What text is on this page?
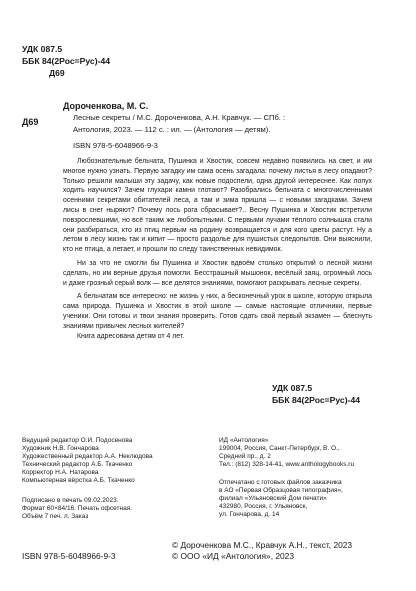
УДК 087.5
ББК 84(2Рос=Рус)-44
Д69
Дороченкова, М. С.
Д69	Лесные секреты / М.С. Дороченкова, А.Н. Кравчук. — СПб. :
Антология, 2023. — 112 с. : ил. — (Антология — детям).
ISBN 978-5-6048966-9-3

Любознательные бельчата, Пушинка и Хвостик, совсем недавно появились на свет, и им многое нужно узнать. Первую загадку им сама осень загадала: почему листья в лесу опадают? Только решили малыши эту задачу, как новые подоспели, одна другой интереснее. Как лопух ходить научился? Зачем глухари камни глотают? Разобрались бельчата с многочисленными осенними секретами обитателей леса, а там и зима пришла — с новыми загадками. Зачем лисы в снег ныряют? Почему лось рога сбрасывает?.. Весну Пушинка и Хвостик встретили повзрослевшими, но всё таким же любопытными. С первыми лучами тёплого солнышка стали они разбираться, кто из птиц первым на родину возвращается и для кого цветы растут. Ну а летом в лесу жизнь так и кипит — просто раздолье для пушистых следопытов. Они выяснили, кто не птица, а летает, и прошли по следу таинственных невидимок.

Ни за что не смогли бы Пушинка и Хвостик вдвоём столько открытий о лесной жизни сделать, но им верные друзья помогли. Бесстрашный мышонок, весёлый заяц, огромный лось и даже грозный серый волк — все делятся знаниями, помогают раскрывать лесные секреты.

А бельчатам все интересно: не жизнь у них, а бесконечный урок в школе, которую открыла сама природа. Пушинка и Хвостик в этой школе — самые настоящие отличники, первые ученики. Они готовы и твои знания проверить. Готов сдать свой первый экзамен — блеснуть знаниями привычек лесных жителей?

Книга адресована детям от 4 лет.

УДК 087.5
ББК 84(2Рос=Рус)-44
Ведущий редактор О.И. Подосенова
Художник Н.В. Гончарова
Художественный редактор А.А. Неклюдова
Технический редактор А.Б. Ткаченко
Корректор Н.А. Натарова
Компьютерная вёрстка А.Б. Ткаченко
Подписано в печать 09.02.2023.
Формат 60×84/16. Печать офсетная.
Объём 7 печ. л. Заказ
ИД «Антология»
199004, Россия, Санкт-Петербург, В. О.,
Средний пр., д. 2
Тел.: (812) 328-14-41, www.anthologybooks.ru
Отпечатано с готовых файлов заказчика
в АО «Первая Образцовая типография»,
филиал «Ульяновский Дом печати»
432980, Россия, г. Ульяновск,
ул. Гончарова, д. 14
ISBN 978-5-6048966-9-3
© Дороченкова М.С., Кравчук А.Н., текст, 2023
© ООО «ИД «Антология», 2023
